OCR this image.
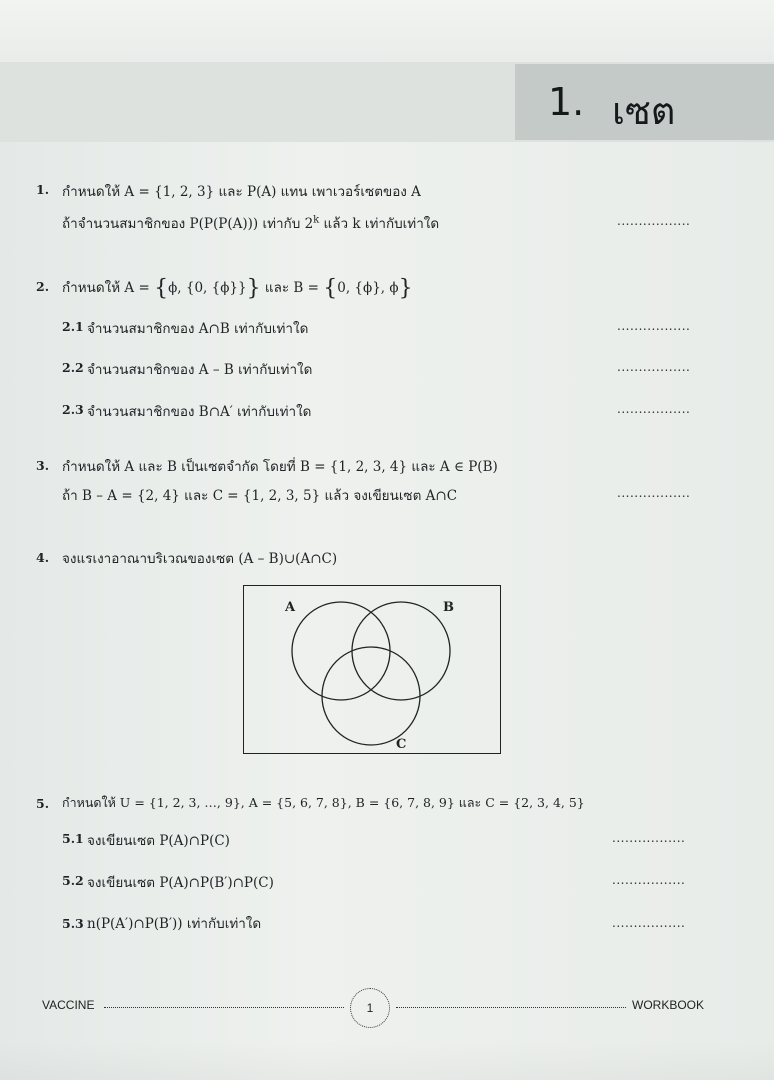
1. เซต
1. กำหนดให้ A = {1, 2, 3} และ P(A) แทน เพาเวอร์เซตของ A
ถ้าจำนวนสมาชิกของ P(P(P(A))) เท่ากับ 2$^k$ แล้ว k เท่ากับเท่าใด	.................
2. กำหนดให้ A = {ϕ, {0, {ϕ}}} และ B = {0, {ϕ}, ϕ}
2.1 จำนวนสมาชิกของ A∩B เท่ากับเท่าใด	.................
2.2 จำนวนสมาชิกของ A – B เท่ากับเท่าใด	.................
2.3 จำนวนสมาชิกของ B∩A′ เท่ากับเท่าใด	.................
3. กำหนดให้ A และ B เป็นเซตจำกัด โดยที่ B = {1, 2, 3, 4} และ A ∈ P(B)
ถ้า B – A = {2, 4} และ C = {1, 2, 3, 5} แล้ว จงเขียนเซต A∩C	.................
4. จงแรเงาอาณาบริเวณของเซต (A – B)∪(A∩C)
A	B
C
5. กำหนดให้ U = {1, 2, 3, …, 9}, A = {5, 6, 7, 8}, B = {6, 7, 8, 9} และ C = {2, 3, 4, 5}
5.1 จงเขียนเซต P(A)∩P(C)	.................
5.2 จงเขียนเซต P(A)∩P(B′)∩P(C)	.................
5.3 n(P(A′)∩P(B′)) เท่ากับเท่าใด	.................
VACCINE	1	WORKBOOK
